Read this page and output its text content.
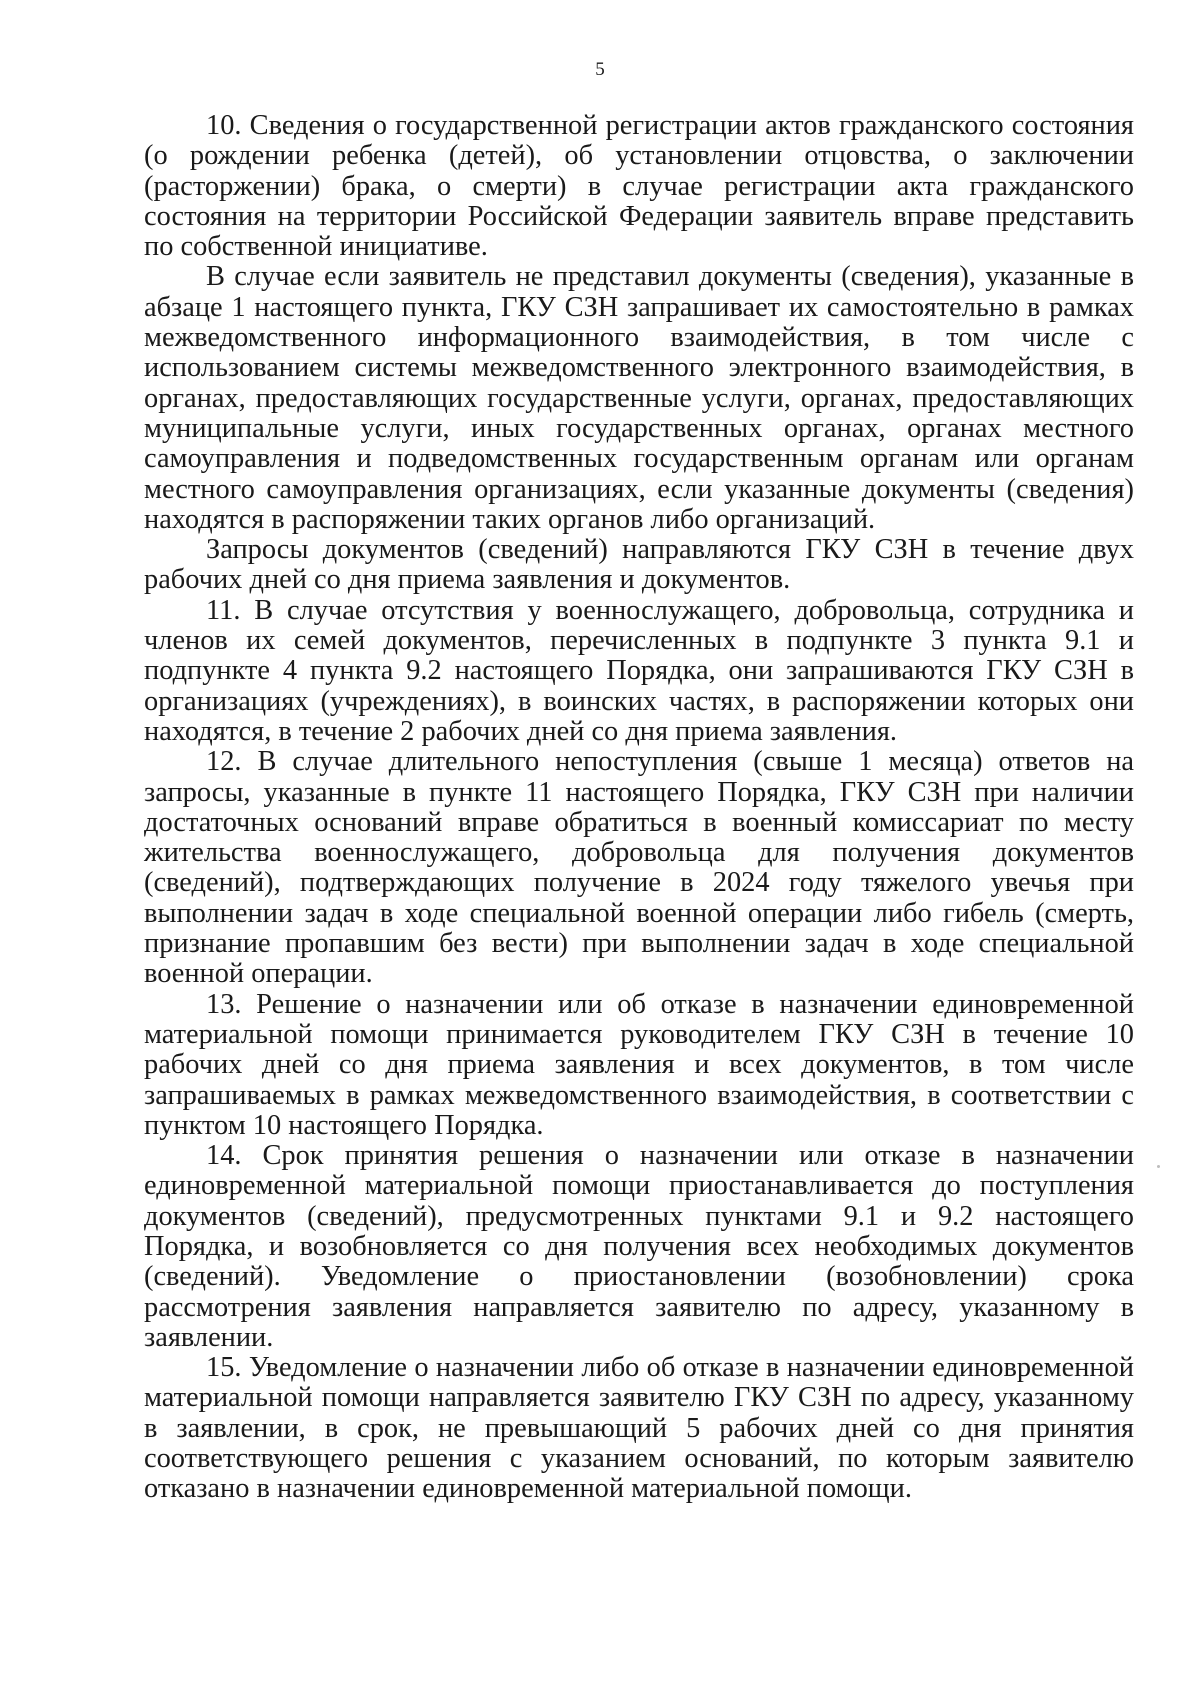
5

10. Сведения о государственной регистрации актов гражданского состояния (о рождении ребенка (детей), об установлении отцовства, о заключении (расторжении) брака, о смерти) в случае регистрации акта гражданского состояния на территории Российской Федерации заявитель вправе представить по собственной инициативе.

В случае если заявитель не представил документы (сведения), указанные в абзаце 1 настоящего пункта, ГКУ СЗН запрашивает их самостоятельно в рамках межведомственного информационного взаимодействия, в том числе с использованием системы межведомственного электронного взаимодействия, в органах, предоставляющих государственные услуги, органах, предоставляющих муниципальные услуги, иных государственных органах, органах местного самоуправления и подведомственных государственным органам или органам местного самоуправления организациях, если указанные документы (сведения) находятся в распоряжении таких органов либо организаций.

Запросы документов (сведений) направляются ГКУ СЗН в течение двух рабочих дней со дня приема заявления и документов.

11. В случае отсутствия у военнослужащего, добровольца, сотрудника и членов их семей документов, перечисленных в подпункте 3 пункта 9.1 и подпункте 4 пункта 9.2 настоящего Порядка, они запрашиваются ГКУ СЗН в организациях (учреждениях), в воинских частях, в распоряжении которых они находятся, в течение 2 рабочих дней со дня приема заявления.

12. В случае длительного непоступления (свыше 1 месяца) ответов на запросы, указанные в пункте 11 настоящего Порядка, ГКУ СЗН при наличии достаточных оснований вправе обратиться в военный комиссариат по месту жительства военнослужащего, добровольца для получения документов (сведений), подтверждающих получение в 2024 году тяжелого увечья при выполнении задач в ходе специальной военной операции либо гибель (смерть, признание пропавшим без вести) при выполнении задач в ходе специальной военной операции.

13. Решение о назначении или об отказе в назначении единовременной материальной помощи принимается руководителем ГКУ СЗН в течение 10 рабочих дней со дня приема заявления и всех документов, в том числе запрашиваемых в рамках межведомственного взаимодействия, в соответствии с пунктом 10 настоящего Порядка.

14. Срок принятия решения о назначении или отказе в назначении единовременной материальной помощи приостанавливается до поступления документов (сведений), предусмотренных пунктами 9.1 и 9.2 настоящего Порядка, и возобновляется со дня получения всех необходимых документов (сведений). Уведомление о приостановлении (возобновлении) срока рассмотрения заявления направляется заявителю по адресу, указанному в заявлении.

15. Уведомление о назначении либо об отказе в назначении единовременной материальной помощи направляется заявителю ГКУ СЗН по адресу, указанному в заявлении, в срок, не превышающий 5 рабочих дней со дня принятия соответствующего решения с указанием оснований, по которым заявителю отказано в назначении единовременной материальной помощи.
